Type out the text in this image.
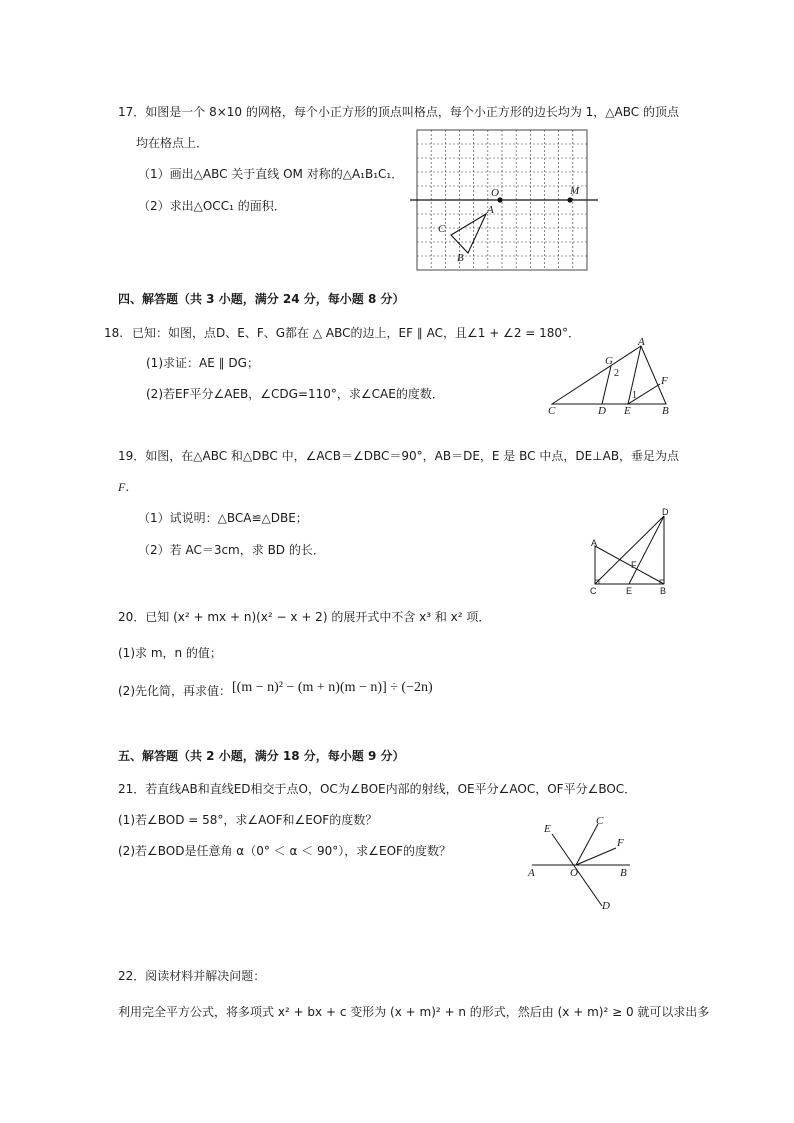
17．如图是一个 8×10 的网格，每个小正方形的顶点叫格点，每个小正方形的边长均为 1，△ABC 的顶点
均在格点上．
（1）画出△ABC 关于直线 OM 对称的△A₁B₁C₁．
（2）求出△OCC₁ 的面积．
O	M
A
C
B
四、解答题（共 3 小题，满分 24 分，每小题 8 分）
18. 已知：如图，点D、E、F、G都在 △ ABC的边上，EF ∥ AC，且∠1 + ∠2 = 180°．
(1)求证：AE ∥ DG；
(2)若EF平分∠AEB，∠CDG=110°，求∠CAE的度数．
A
F
G
2
1
C	D E	B
19．如图，在△ABC 和△DBC 中，∠ACB＝∠DBC＝90°，AB＝DE，E 是 BC 中点，DE⊥AB，垂足为点
F．
（1）试说明：△BCA≌△DBE；
（2）若 AC＝3cm，求 BD 的长．
D
A
F
C	E	B
20．已知 (x² + mx + n)(x² − x + 2) 的展开式中不含 x³ 和 x² 项．
(1)求 m，n 的值；
(2)先化简，再求值： [(m − n)² − (m + n)(m − n)] ÷ (−2n)
五、解答题（共 2 小题，满分 18 分，每小题 9 分）
21．若直线AB和直线ED相交于点O，OC为∠BOE内部的射线，OE平分∠AOC，OF平分∠BOC．
(1)若∠BOD = 58°，求∠AOF和∠EOF的度数？
(2)若∠BOD是任意角 α（0° ＜ α ＜ 90°），求∠EOF的度数？
E
C
F
A	O	B
D
22．阅读材料并解决问题：
利用完全平方公式，将多项式 x² + bx + c 变形为 (x + m)² + n 的形式，然后由 (x + m)² ≥ 0 就可以求出多
